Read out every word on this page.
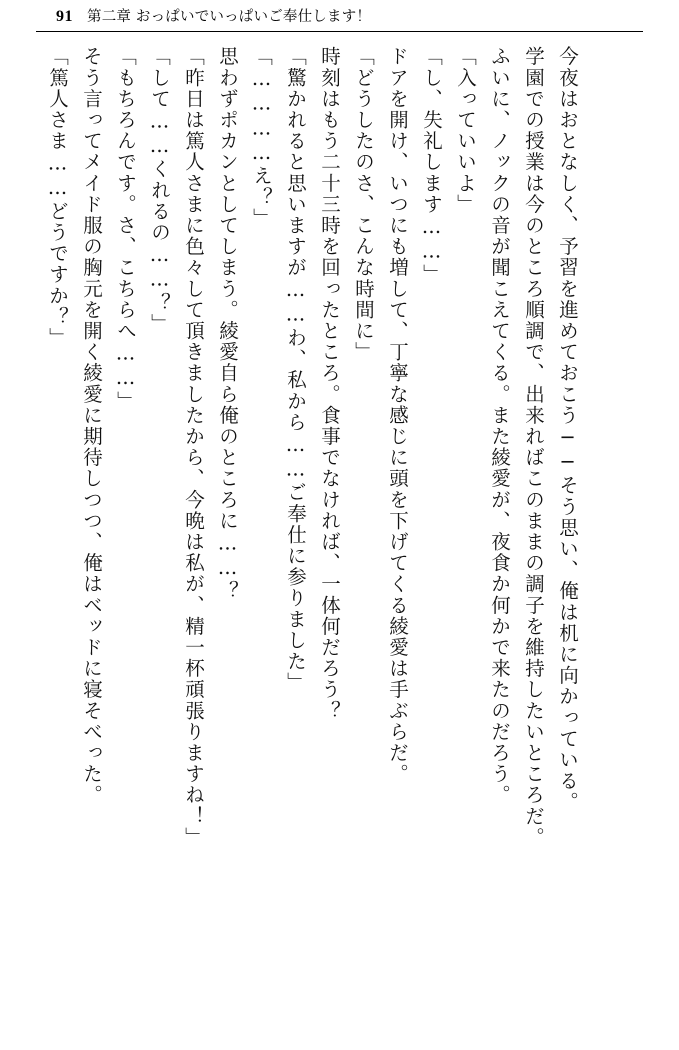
91 第二章 おっぱいでいっぱいご奉仕します！
「篤人さま……どうですか？」 そう言ってメイド服の胸元を開く綾愛に期待しつつ、俺はベッドに寝そべった。 「もちろんです。さ、こちらへ……」 「して……くれるの……？」 「昨日は篤人さまに色々して頂きましたから、今晩は私が、精一杯頑張りますね！」 思わずポカンとしてしまう。綾愛自ら俺のところに……？ 「…………え？」 「驚かれると思いますが……わ、私から……ご奉仕に参りました」 時刻はもう二十三時を回ったところ。食事でなければ、一体何だろう？ 「どうしたのさ、こんな時間に」 ドアを開け、いつにも増して、丁寧な感じに頭を下げてくる綾愛は手ぶらだ。 「し、失礼します……」 「入っていいよ」 ふいに、ノックの音が聞こえてくる。また綾愛が、夜食か何かで来たのだろう。 学園での授業は今のところ順調で、出来ればこのままの調子を維持したいところだ。 今夜はおとなしく、予習を進めておこう──そう思い、俺は机に向かっている。
